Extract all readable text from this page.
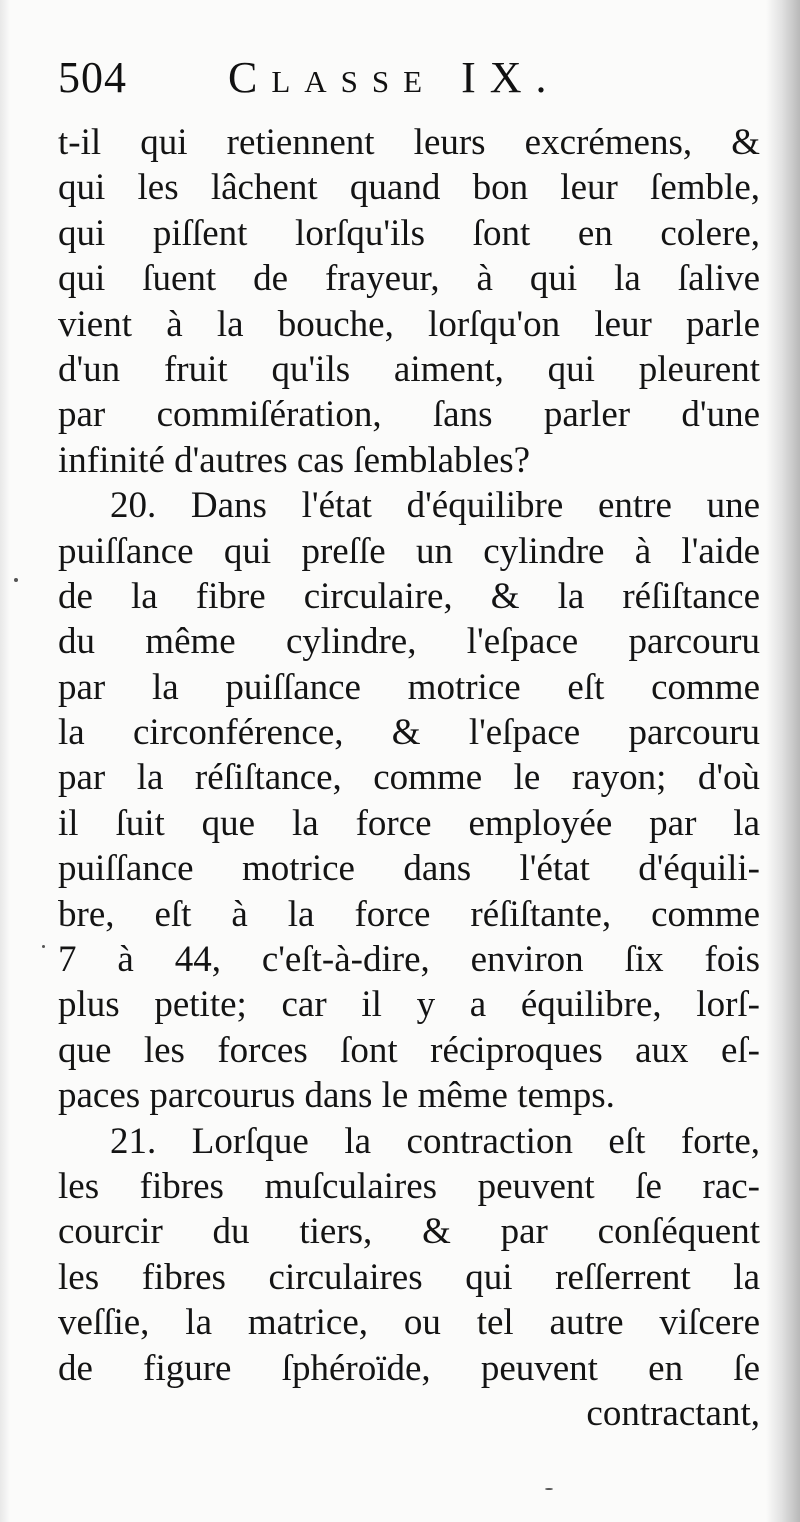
504 Classe IX.
t-il qui retiennent leurs excrémens, &
qui les lâchent quand bon leur ſemble,
qui piſſent lorſqu'ils ſont en colere,
qui ſuent de frayeur, à qui la ſalive
vient à la bouche, lorſqu'on leur parle
d'un fruit qu'ils aiment, qui pleurent
par commiſération, ſans parler d'une
infinité d'autres cas ſemblables?
20. Dans l'état d'équilibre entre une
puiſſance qui preſſe un cylindre à l'aide
de la fibre circulaire, & la réſiſtance
du même cylindre, l'eſpace parcouru
par la puiſſance motrice eſt comme
la circonférence, & l'eſpace parcouru
par la réſiſtance, comme le rayon; d'où
il ſuit que la force employée par la
puiſſance motrice dans l'état d'équili-
bre, eſt à la force réſiſtante, comme
7 à 44, c'eſt-à-dire, environ ſix fois
plus petite; car il y a équilibre, lorſ-
que les forces ſont réciproques aux eſ-
paces parcourus dans le même temps.
21. Lorſque la contraction eſt forte,
les fibres muſculaires peuvent ſe rac-
courcir du tiers, & par conſéquent
les fibres circulaires qui reſſerrent la
veſſie, la matrice, ou tel autre viſcere
de figure ſphéroïde, peuvent en ſe
contractant,
